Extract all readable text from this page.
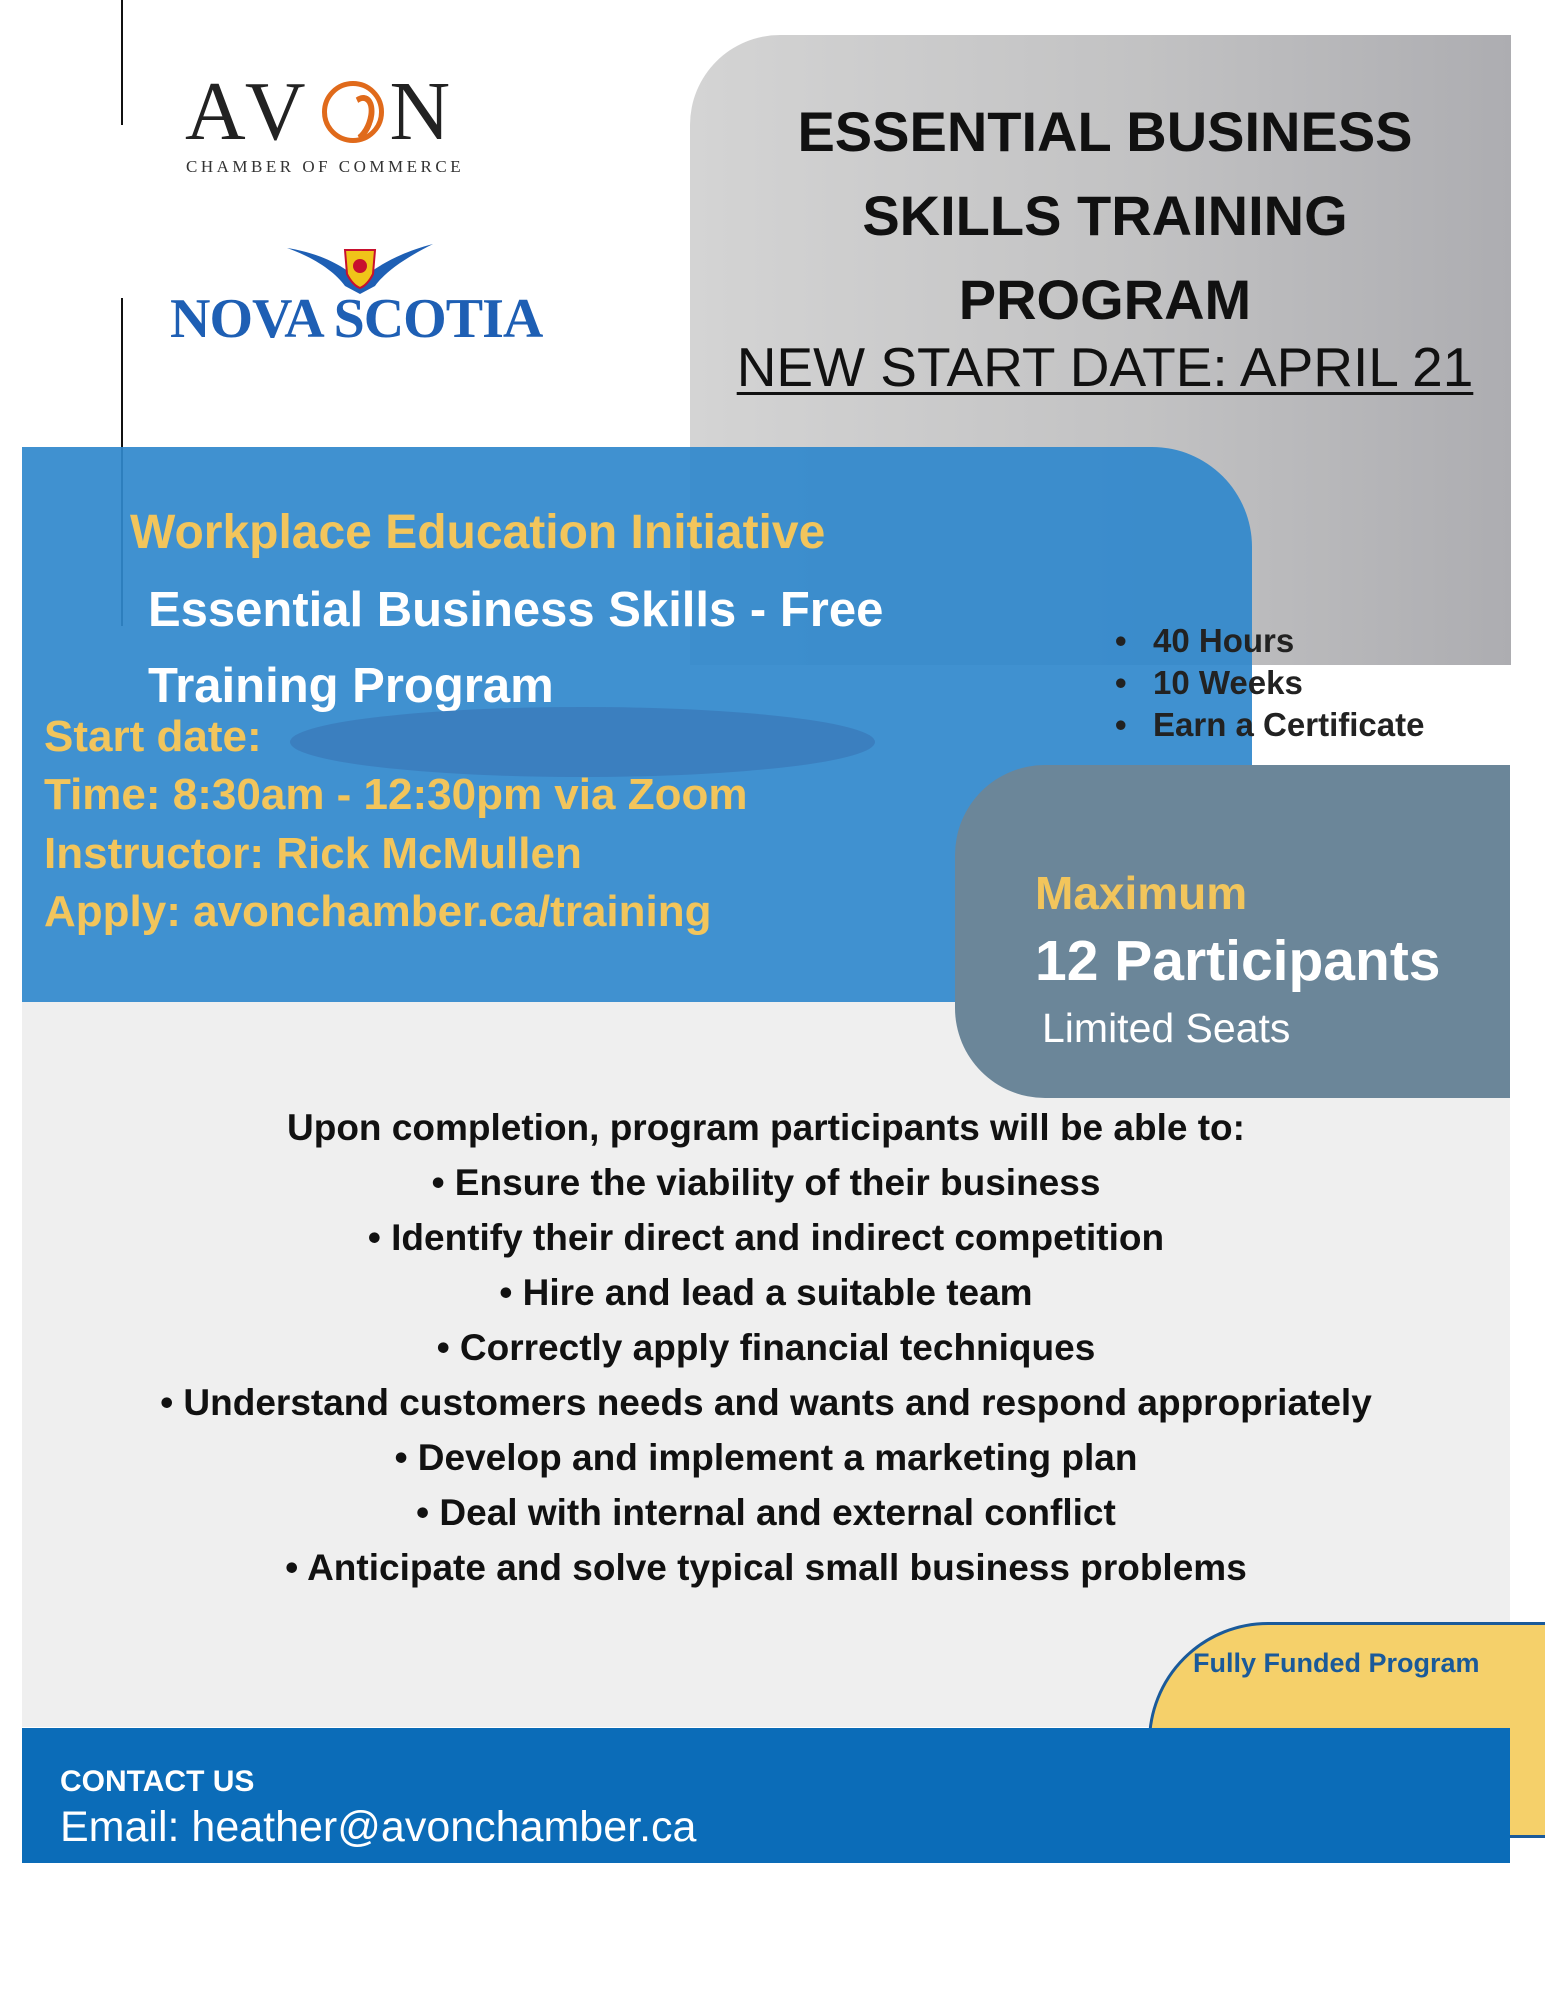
AV N
CHAMBER OF COMMERCE
NOVA SCOTIA
ESSENTIAL BUSINESS
SKILLS TRAINING
PROGRAM
NEW START DATE: APRIL 21
Workplace Education Initiative
Essential Business Skills - Free
Training Program
Start date:
Time: 8:30am - 12:30pm via Zoom
Instructor: Rick McMullen
Apply: avonchamber.ca/training
• 40 Hours
• 10 Weeks
• Earn a Certificate
Maximum
12 Participants
Limited Seats
Upon completion, program participants will be able to:
• Ensure the viability of their business
• Identify their direct and indirect competition
• Hire and lead a suitable team
• Correctly apply financial techniques
• Understand customers needs and wants and respond appropriately
• Develop and implement a marketing plan
• Deal with internal and external conflict
• Anticipate and solve typical small business problems
Fully Funded Program
CONTACT US
Email: heather@avonchamber.ca
